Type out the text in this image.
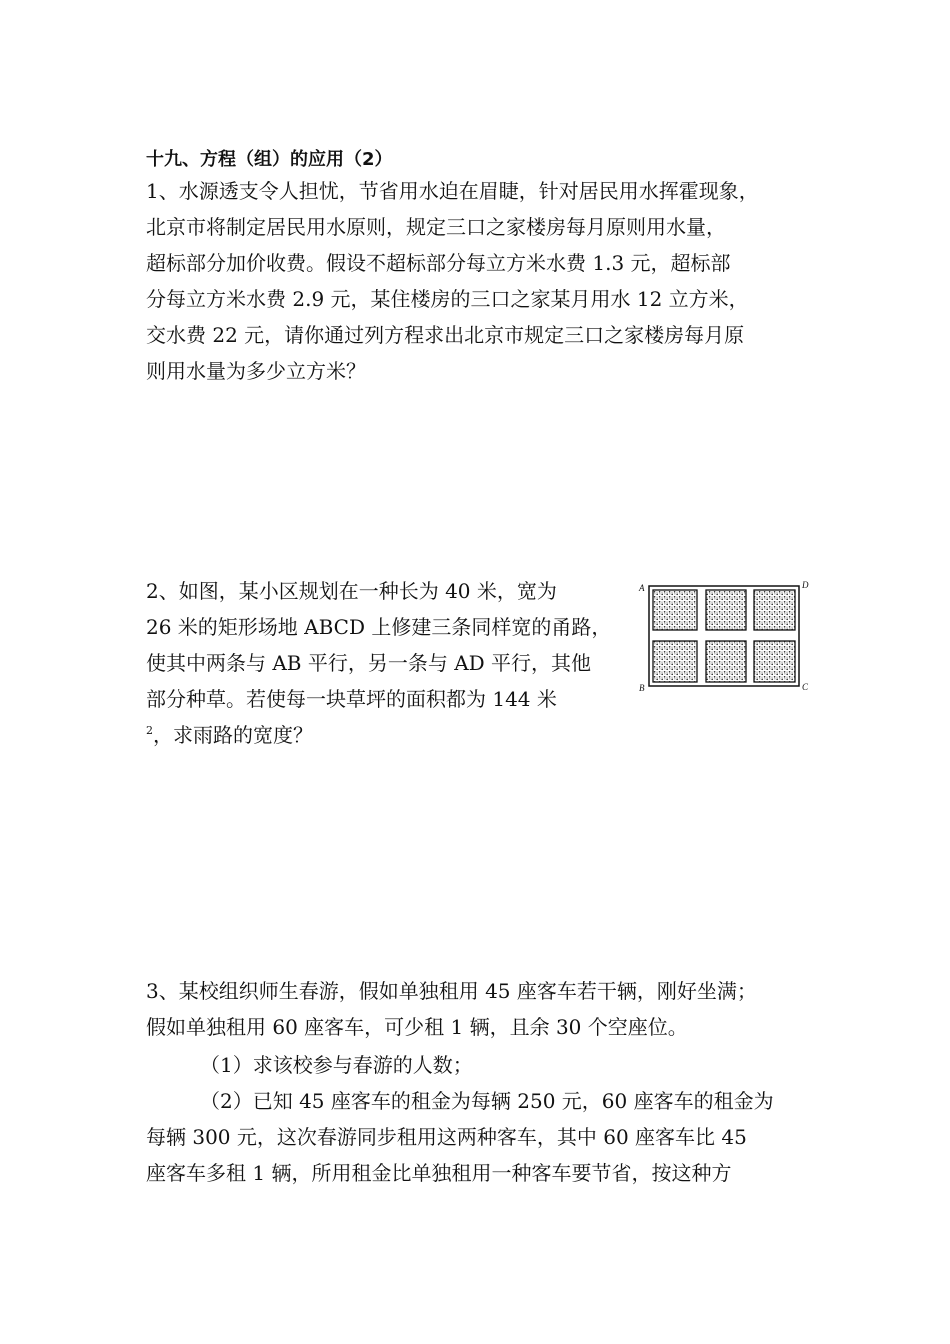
十九、方程（组）的应用（2）
1、水源透支令人担忧，节省用水迫在眉睫，针对居民用水挥霍现象，
北京市将制定居民用水原则，规定三口之家楼房每月原则用水量，
超标部分加价收费。假设不超标部分每立方米水费 1.3 元，超标部
分每立方米水费 2.9 元，某住楼房的三口之家某月用水 12 立方米，
交水费 22 元，请你通过列方程求出北京市规定三口之家楼房每月原
则用水量为多少立方米？
2、如图，某小区规划在一种长为 40 米，宽为
26 米的矩形场地 ABCD 上修建三条同样宽的甬路，
使其中两条与 AB 平行，另一条与 AD 平行，其他
部分种草。若使每一块草坪的面积都为 144 米
$^2$，求雨路的宽度？
A	D
B	C
3、某校组织师生春游，假如单独租用 45 座客车若干辆，刚好坐满；
假如单独租用 60 座客车，可少租 1 辆，且余 30 个空座位。
（1）求该校参与春游的人数；
（2）已知 45 座客车的租金为每辆 250 元，60 座客车的租金为
每辆 300 元，这次春游同步租用这两种客车，其中 60 座客车比 45
座客车多租 1 辆，所用租金比单独租用一种客车要节省，按这种方
